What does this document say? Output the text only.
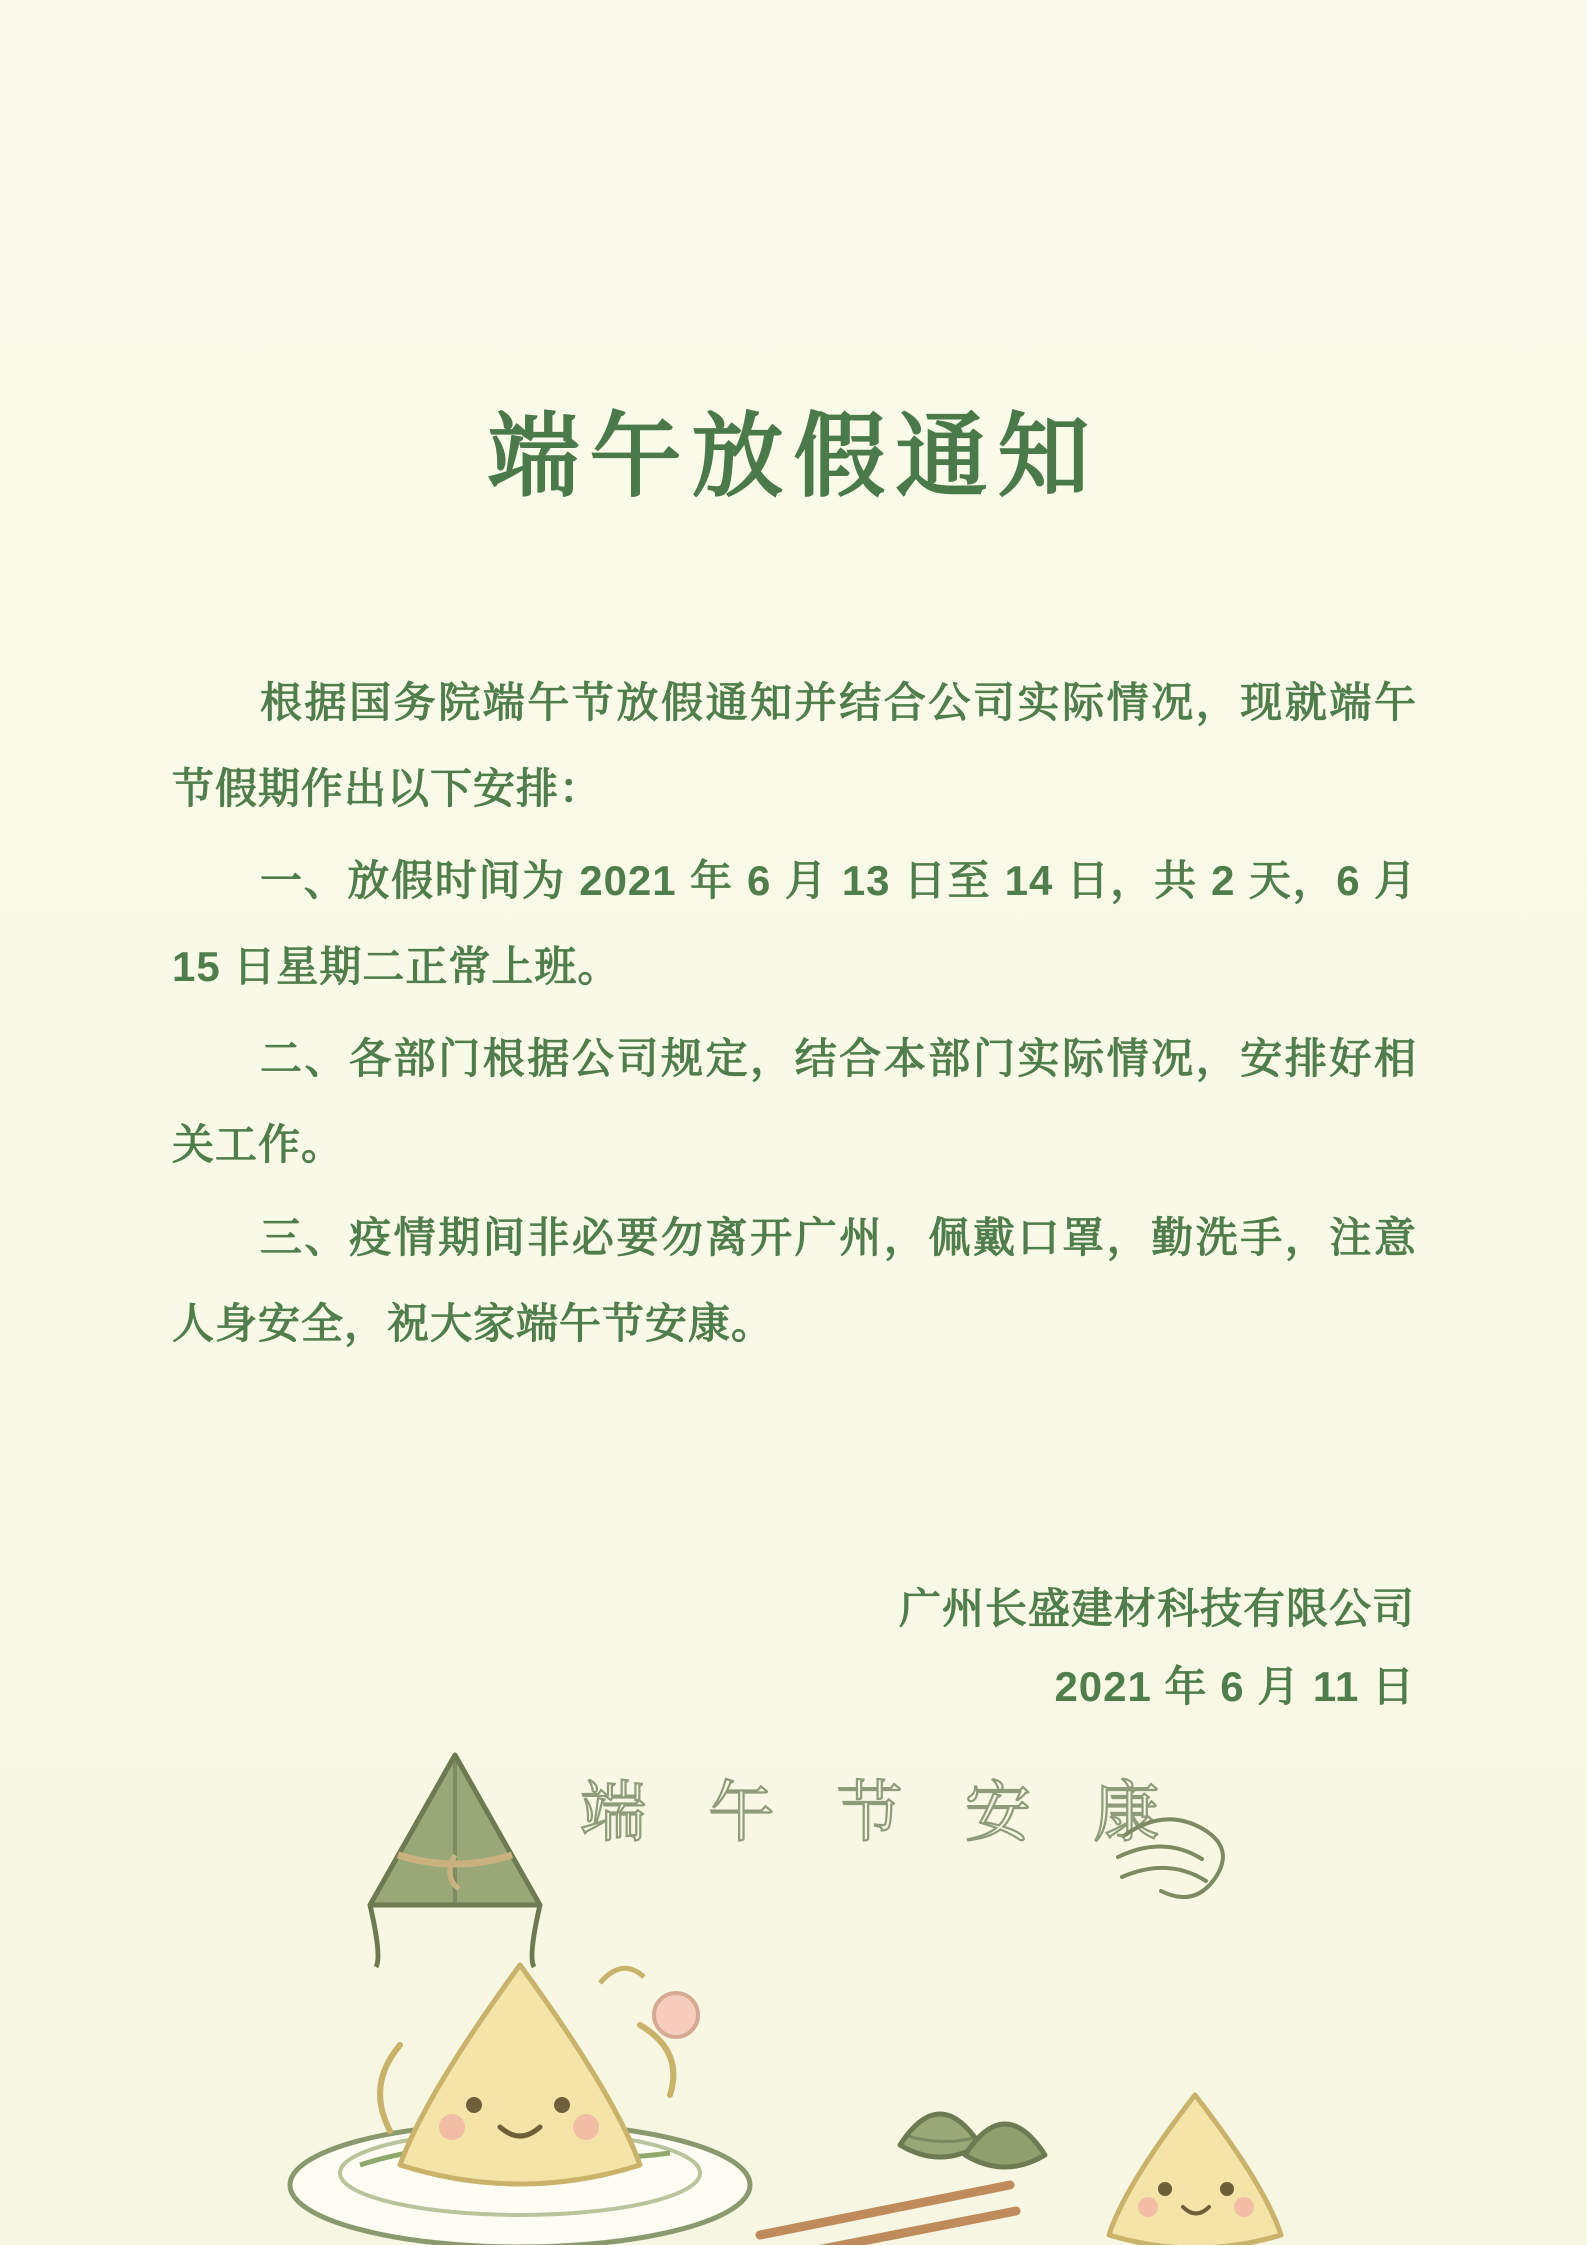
端午放假通知

根据国务院端午节放假通知并结合公司实际情况，现就端午节假期作出以下安排：

一、放假时间为 2021 年 6 月 13 日至 14 日，共 2 天，6 月 15 日星期二正常上班。

二、各部门根据公司规定，结合本部门实际情况，安排好相关工作。

三、疫情期间非必要勿离开广州，佩戴口罩，勤洗手，注意人身安全，祝大家端午节安康。

广州长盛建材科技有限公司
2021 年 6 月 11 日
端 午 节 安 康
